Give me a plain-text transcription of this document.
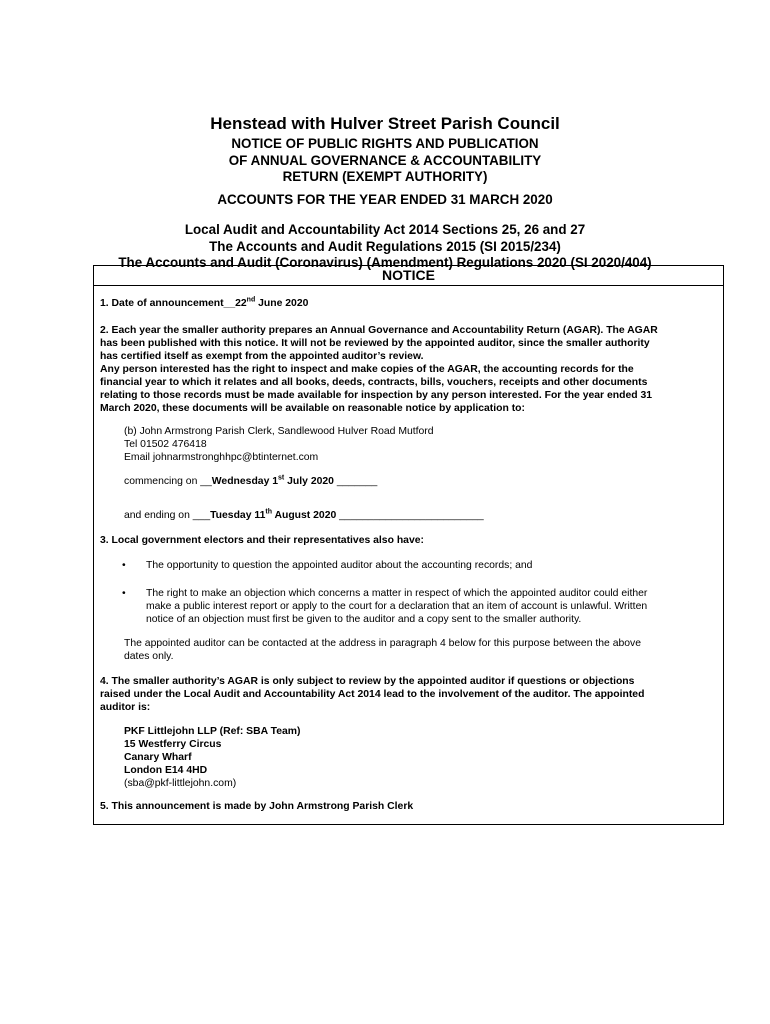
Henstead with Hulver Street Parish Council
NOTICE OF PUBLIC RIGHTS AND PUBLICATION
OF ANNUAL GOVERNANCE & ACCOUNTABILITY
RETURN (EXEMPT AUTHORITY)
ACCOUNTS FOR THE YEAR ENDED 31 MARCH 2020
Local Audit and Accountability Act 2014 Sections 25, 26 and 27
The Accounts and Audit Regulations 2015 (SI 2015/234)
The Accounts and Audit (Coronavirus) (Amendment) Regulations 2020 (SI 2020/404)
NOTICE
1. Date of announcement__22nd June 2020
2. Each year the smaller authority prepares an Annual Governance and Accountability Return (AGAR). The AGAR
has been published with this notice. It will not be reviewed by the appointed auditor, since the smaller authority
has certified itself as exempt from the appointed auditor’s review.
Any person interested has the right to inspect and make copies of the AGAR, the accounting records for the
financial year to which it relates and all books, deeds, contracts, bills, vouchers, receipts and other documents
relating to those records must be made available for inspection by any person interested. For the year ended 31
March 2020, these documents will be available on reasonable notice by application to:
(b) John Armstrong Parish Clerk, Sandlewood Hulver Road Mutford
Tel 01502 476418
Email johnarmstronghhpc@btinternet.com
commencing on __Wednesday 1st July 2020 _______
and ending on ___Tuesday 11th August 2020 _________________________
3. Local government electors and their representatives also have:
• The opportunity to question the appointed auditor about the accounting records; and
• The right to make an objection which concerns a matter in respect of which the appointed auditor could either
make a public interest report or apply to the court for a declaration that an item of account is unlawful. Written
notice of an objection must first be given to the auditor and a copy sent to the smaller authority.
The appointed auditor can be contacted at the address in paragraph 4 below for this purpose between the above
dates only.
4. The smaller authority’s AGAR is only subject to review by the appointed auditor if questions or objections
raised under the Local Audit and Accountability Act 2014 lead to the involvement of the auditor. The appointed
auditor is:
PKF Littlejohn LLP (Ref: SBA Team)
15 Westferry Circus
Canary Wharf
London E14 4HD
(sba@pkf-littlejohn.com)
5. This announcement is made by John Armstrong Parish Clerk
